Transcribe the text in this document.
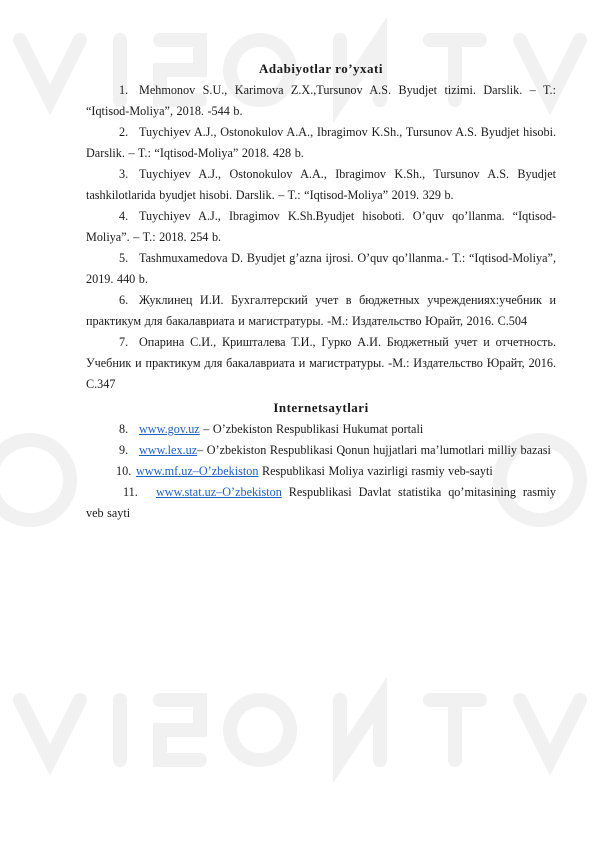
Adabiyotlar ro’yxati

1. Mehmonov S.U., Karimova Z.X.,Tursunov A.S. Byudjet tizimi. Darslik. – T.: “Iqtisod-Moliya”, 2018. -544 b.

2. Tuychiyev A.J., Ostonokulov A.A., Ibragimov K.Sh., Tursunov A.S. Byudjet hisobi. Darslik. – T.: “Iqtisod-Moliya” 2018. 428 b.

3. Tuychiyev A.J., Ostonokulov A.A., Ibragimov K.Sh., Tursunov A.S. Byudjet tashkilotlarida byudjet hisobi. Darslik. – T.: “Iqtisod-Moliya” 2019. 329 b.

4. Tuychiyev A.J., Ibragimov K.Sh.Byudjet hisoboti. O’quv qo’llanma. “Iqtisod-Moliya”. – T.: 2018. 254 b.

5. Tashmuxamedova D. Byudjet g’azna ijrosi. O’quv qo’llanma.- T.: “Iqtisod-Moliya”, 2019. 440 b.

6. Жуклинец И.И. Бухгалтерский учет в бюджетных учреждениях:учебник и практикум для бакалавриата и магистратуры. -М.: Издательство Юрайт, 2016. С.504

7. Опарина С.И., Кришталева Т.И., Гурко А.И. Бюджетный учет и отчетность. Учебник и практикум для бакалавриата и магистратуры. -М.: Издательство Юрайт, 2016. С.347

Internetsaytlari

8. www.gov.uz – O’zbekiston Respublikasi Hukumat portali

9. www.lex.uz– O’zbekiston Respublikasi Qonun hujjatlari ma’lumotlari milliy bazasi

10. www.mf.uz–O’zbekiston Respublikasi Moliya vazirligi rasmiy veb-sayti

11. www.stat.uz–O’zbekiston Respublikasi Davlat statistika qo’mitasining rasmiy veb sayti
